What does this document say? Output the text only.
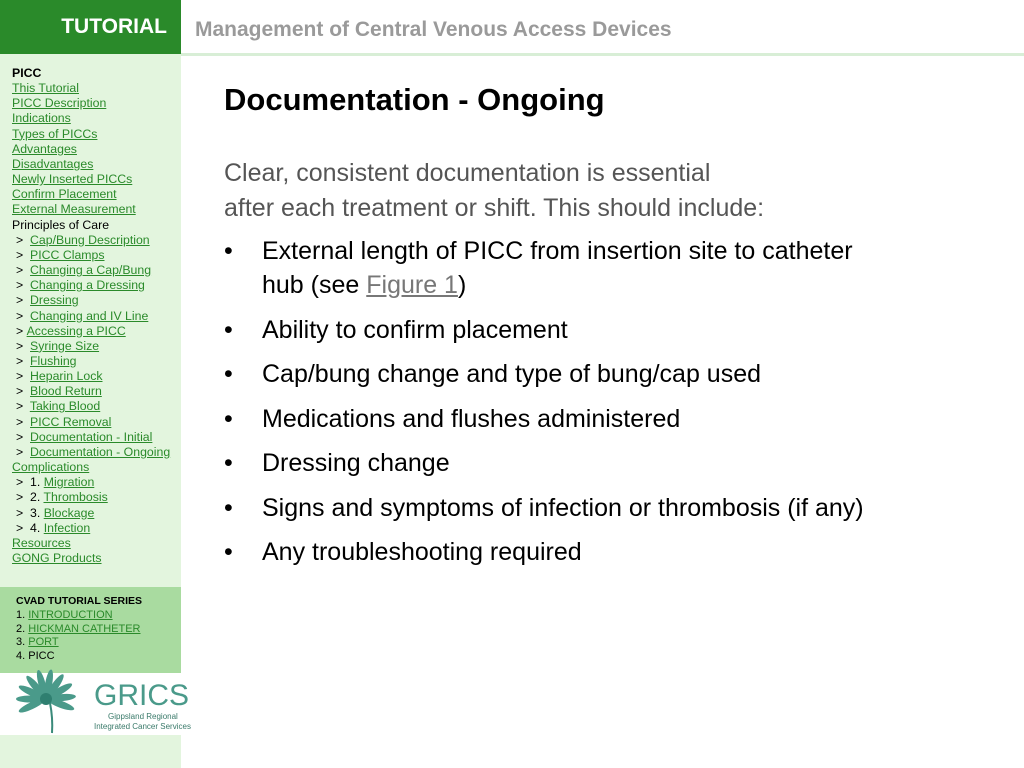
TUTORIAL Management of Central Venous Access Devices
PICC
This Tutorial
PICC Description
Indications
Types of PICCs
Advantages
Disadvantages
Newly Inserted PICCs
Confirm Placement
External Measurement
Principles of Care
> Cap/Bung Description
> PICC Clamps
> Changing a Cap/Bung
> Changing a Dressing
> Dressing
> Changing and IV Line
> Accessing a PICC
> Syringe Size
> Flushing
> Heparin Lock
> Blood Return
> Taking Blood
> PICC Removal
> Documentation - Initial
> Documentation - Ongoing
Complications
> 1. Migration
> 2. Thrombosis
> 3. Blockage
> 4. Infection
Resources
GONG Products
CVAD TUTORIAL SERIES
1. INTRODUCTION
2. HICKMAN CATHETER
3. PORT
4. PICC
GRICS
Gippsland Regional
Integrated Cancer Services
Documentation - Ongoing
Clear, consistent documentation is essential
after each treatment or shift. This should include:
• External length of PICC from insertion site to catheter
hub (see Figure 1)
• Ability to confirm placement
• Cap/bung change and type of bung/cap used
• Medications and flushes administered
• Dressing change
• Signs and symptoms of infection or thrombosis (if any)
• Any troubleshooting required
